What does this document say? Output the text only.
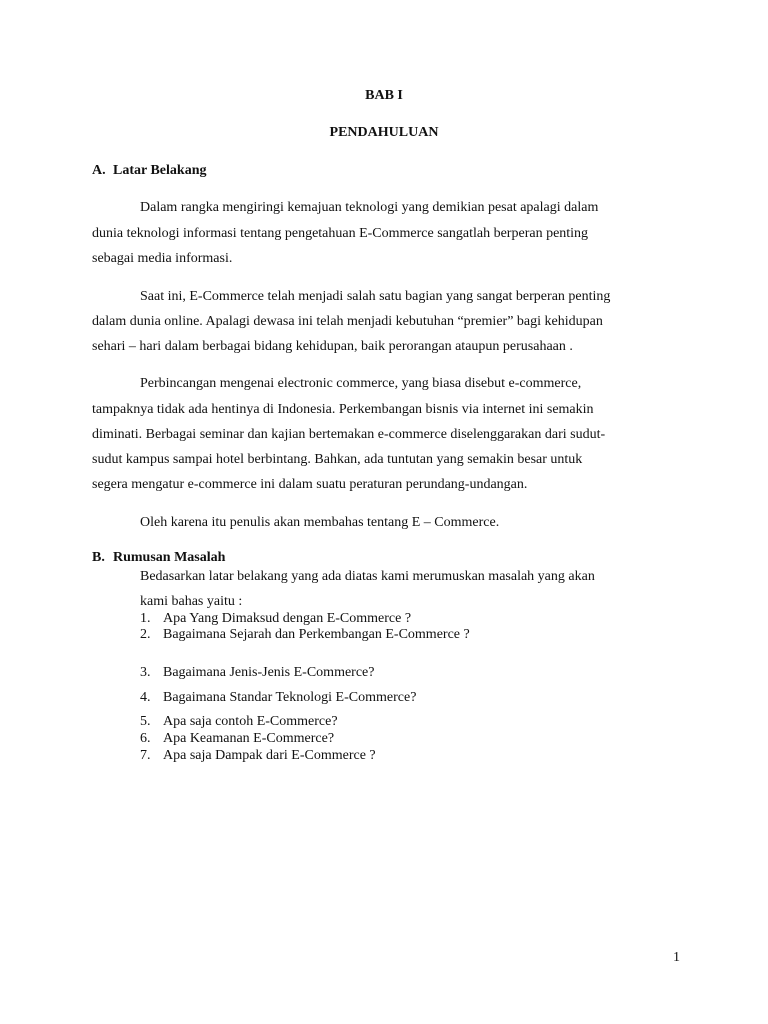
BAB I
PENDAHULUAN
A. Latar Belakang
Dalam rangka mengiringi kemajuan teknologi yang demikian pesat apalagi dalam
dunia teknologi informasi tentang pengetahuan E-Commerce sangatlah berperan penting
sebagai media informasi.
Saat ini, E-Commerce telah menjadi salah satu bagian yang sangat berperan penting
dalam dunia online. Apalagi dewasa ini telah menjadi kebutuhan “premier” bagi kehidupan
sehari – hari dalam berbagai bidang kehidupan, baik perorangan ataupun perusahaan .
Perbincangan mengenai electronic commerce, yang biasa disebut e-commerce,
tampaknya tidak ada hentinya di Indonesia. Perkembangan bisnis via internet ini semakin
diminati. Berbagai seminar dan kajian bertemakan e-commerce diselenggarakan dari sudut-
sudut kampus sampai hotel berbintang. Bahkan, ada tuntutan yang semakin besar untuk
segera mengatur e-commerce ini dalam suatu peraturan perundang-undangan.
Oleh karena itu penulis akan membahas tentang E – Commerce.
B. Rumusan Masalah
Bedasarkan latar belakang yang ada diatas kami merumuskan masalah yang akan
kami bahas yaitu :
1. Apa Yang Dimaksud dengan E-Commerce ?
2. Bagaimana Sejarah dan Perkembangan E-Commerce ?
3. Bagaimana Jenis-Jenis E-Commerce?
4. Bagaimana Standar Teknologi E-Commerce?
5. Apa saja contoh E-Commerce?
6. Apa Keamanan E-Commerce?
7. Apa saja Dampak dari E-Commerce ?
1
